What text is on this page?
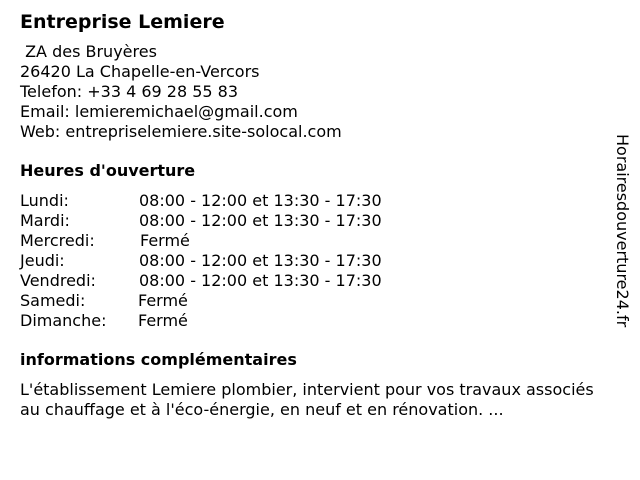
Entreprise Lemiere
ZA des Bruyères
26420 La Chapelle-en-Vercors
Telefon: +33 4 69 28 55 83
Email: lemieremichael@gmail.com
Web: entrepriselemiere.site-solocal.com
Heures d'ouverture
Lundi:	08:00 - 12:00 et 13:30 - 17:30
Mardi:	08:00 - 12:00 et 13:30 - 17:30
Mercredi:	Fermé
Jeudi:	08:00 - 12:00 et 13:30 - 17:30
Vendredi:	08:00 - 12:00 et 13:30 - 17:30
Samedi:	Fermé
Dimanche:	Fermé
informations complémentaires
L'établissement Lemiere plombier, intervient pour vos travaux associés au chauffage et à l'éco-énergie, en neuf et en rénovation. ...
Horairesdouverture24.fr
